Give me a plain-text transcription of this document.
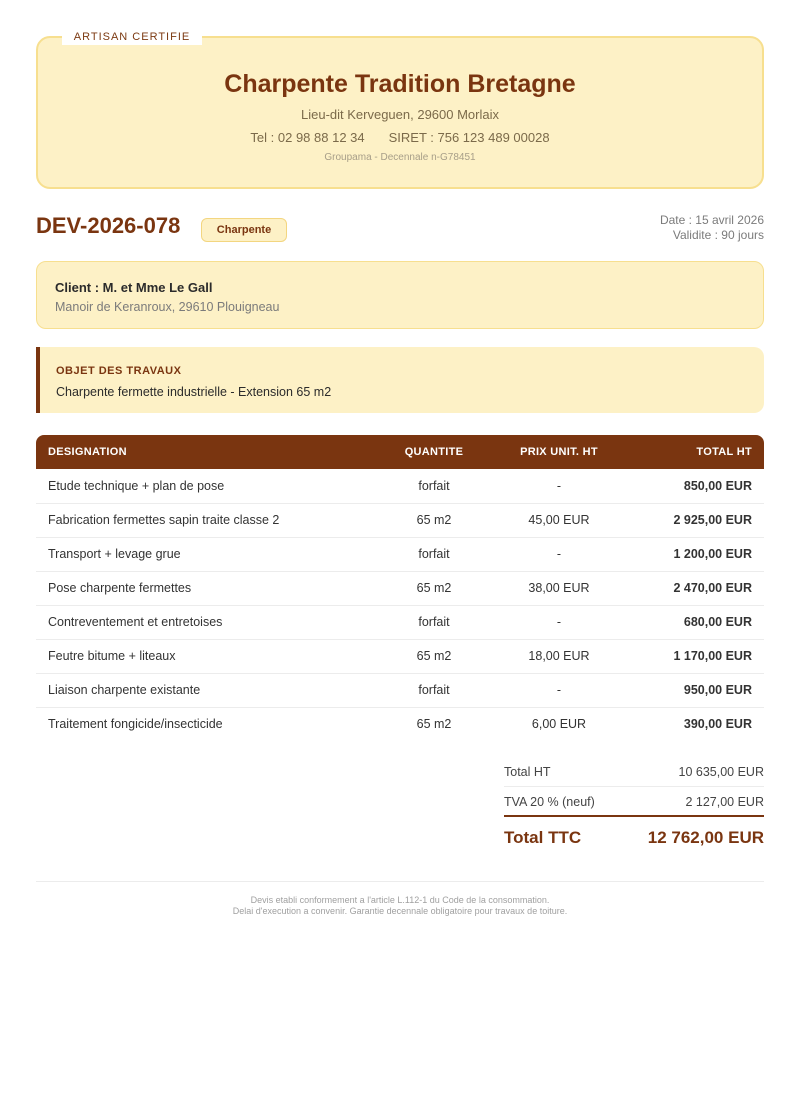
ARTISAN CERTIFIE
Charpente Tradition Bretagne
Lieu-dit Kerveguen, 29600 Morlaix
Tel : 02 98 88 12 34 SIRET : 756 123 489 00028
Groupama - Decennale n-G78451
DEV-2026-078	Charpente
Date : 15 avril 2026
Validite : 90 jours
Client : M. et Mme Le Gall
Manoir de Keranroux, 29610 Plouigneau
OBJET DES TRAVAUX
Charpente fermette industrielle - Extension 65 m2
DESIGNATION	QUANTITE	PRIX UNIT. HT	TOTAL HT
Etude technique + plan de pose	forfait	-	850,00 EUR
Fabrication fermettes sapin traite classe 2	65 m2	45,00 EUR	2 925,00 EUR
Transport + levage grue	forfait	-	1 200,00 EUR
Pose charpente fermettes	65 m2	38,00 EUR	2 470,00 EUR
Contreventement et entretoises	forfait	-	680,00 EUR
Feutre bitume + liteaux	65 m2	18,00 EUR	1 170,00 EUR
Liaison charpente existante	forfait	-	950,00 EUR
Traitement fongicide/insecticide	65 m2	6,00 EUR	390,00 EUR
Total HT	10 635,00 EUR
TVA 20 % (neuf)	2 127,00 EUR
Total TTC	12 762,00 EUR
Devis etabli conformement a l'article L.112-1 du Code de la consommation.
Delai d'execution a convenir. Garantie decennale obligatoire pour travaux de toiture.
